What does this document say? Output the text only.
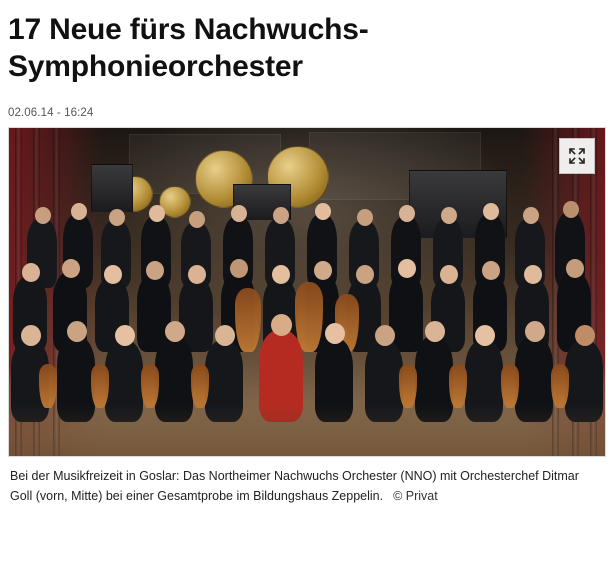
17 Neue fürs Nachwuchs-Symphonieorchester
02.06.14 - 16:24
Bei der Musikfreizeit in Goslar: Das Northeimer Nachwuchs Orchester (NNO) mit Orchesterchef Ditmar Goll (vorn, Mitte) bei einer Gesamtprobe im Bildungshaus Zeppelin. © Privat
